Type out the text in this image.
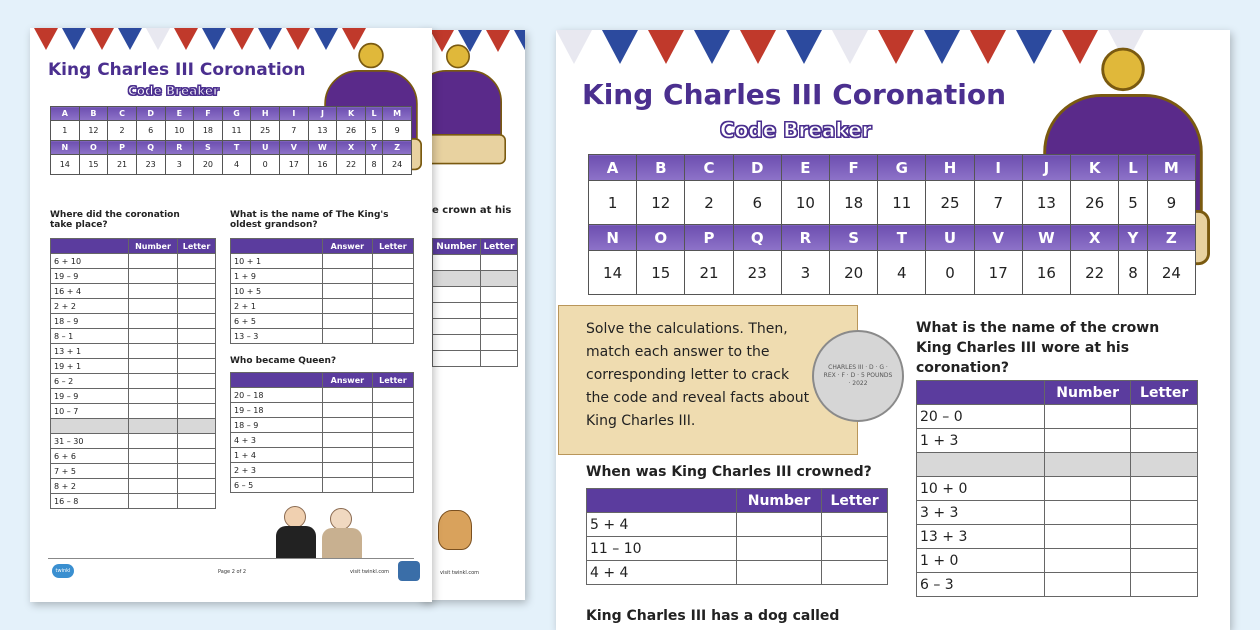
e crown at his
Number	Letter

visit twinkl.com
King Charles III Coronation
Code Breaker
A	B	C	D	E	F	G	H	I	J	K	L	M
1	12	2	6	10	18	11	25	7	13	26	5	9
N	O	P	Q	R	S	T	U	V	W	X	Y	Z
14	15	21	23	3	20	4	0	17	16	22	8	24
Where did the coronation take place?
	Number	Letter
6 + 10		
19 – 9		
16 + 4		
2 + 2		
18 – 9		
8 – 1		
13 + 1		
19 + 1		
6 – 2		
19 – 9		
10 – 7		

31 – 30		
6 + 6		
7 + 5		
8 + 2		
16 – 8		
What is the name of The King's oldest grandson?
	Answer	Letter
10 + 1		
1 + 9		
10 + 5		
2 + 1		
6 + 5		
13 – 3		
Who became Queen?
	Answer	Letter
20 – 18		
19 – 18		
18 – 9		
4 + 3		
1 + 4		
2 + 3		
6 – 5		
twinkl	Page 2 of 2	visit twinkl.com
King Charles III Coronation
Code Breaker
A	B	C	D	E	F	G	H	I	J	K	L	M
1	12	2	6	10	18	11	25	7	13	26	5	9
N	O	P	Q	R	S	T	U	V	W	X	Y	Z
14	15	21	23	3	20	4	0	17	16	22	8	24
Solve the calculations. Then, match each answer to the corresponding letter to crack the code and reveal facts about King Charles III.
CHARLES III · D · G · REX · F · D · 5 POUNDS · 2022
What is the name of the crown King Charles III wore at his coronation?
	Number	Letter
20 – 0		
1 + 3		

10 + 0		
3 + 3		
13 + 3		
1 + 0		
6 – 3		
When was King Charles III crowned?
	Number	Letter
5 + 4		
11 – 10		
4 + 4		
King Charles III has a dog called
